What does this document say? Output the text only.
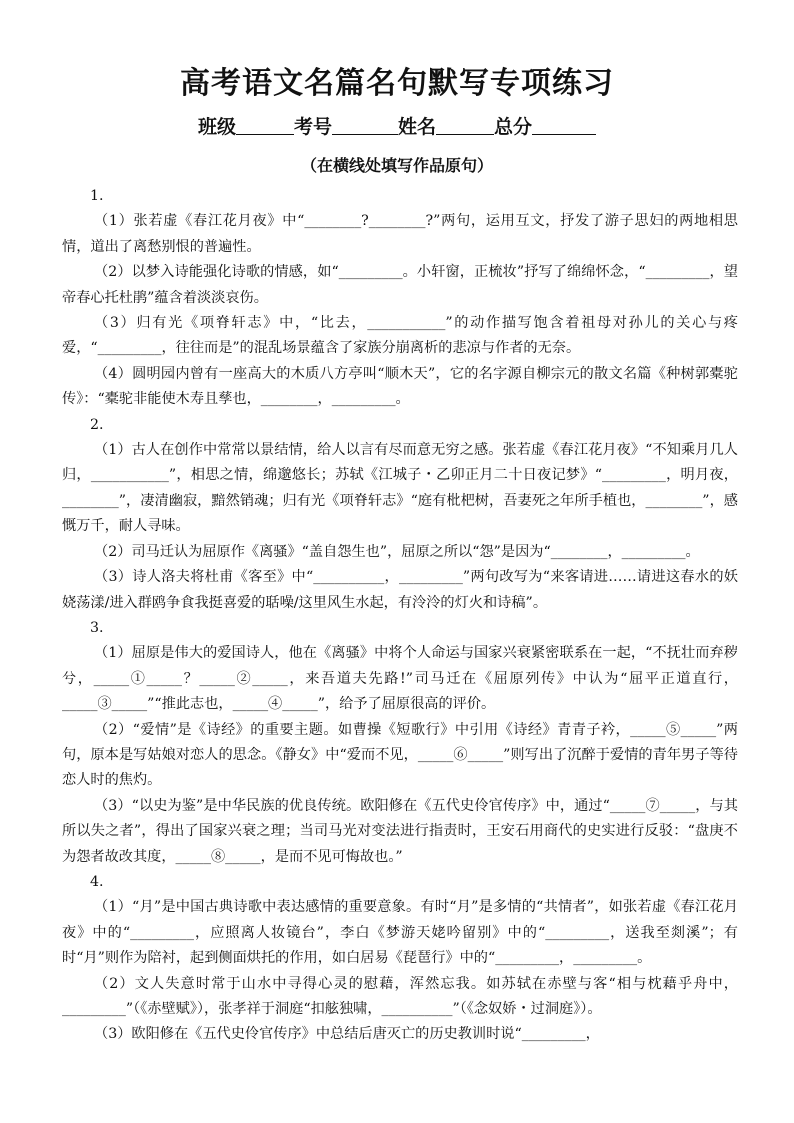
高考语文名篇名句默写专项练习
班级	考号	姓名	总分
（在横线处填写作品原句）
1.

（1）张若虚《春江花月夜》中“________?________?”两句，运用互文，抒发了游子思妇的两地相思情，道出了离愁别恨的普遍性。

（2）以梦入诗能强化诗歌的情感，如“_________。小轩窗，正梳妆”抒写了绵绵怀念，“_________，望帝春心托杜鹃”蕴含着淡淡哀伤。

（3）归有光《项脊轩志》中，“比去，___________”的动作描写饱含着祖母对孙儿的关心与疼爱，“_________，往往而是”的混乱场景蕴含了家族分崩离析的悲凉与作者的无奈。

（4）圆明园内曾有一座高大的木质八方亭叫“顺木天”，它的名字源自柳宗元的散文名篇《种树郭橐驼传》：“橐驼非能使木寿且孳也，________，_________。

2.

（1）古人在创作中常常以景结情，给人以言有尽而意无穷之感。张若虚《春江花月夜》“不知乘月几人归，___________”，相思之情，绵邈悠长；苏轼《江城子・乙卯正月二十日夜记梦》“_________，明月夜，________”，凄清幽寂，黯然销魂；归有光《项脊轩志》“庭有枇杷树，吾妻死之年所手植也，________”，感慨万千，耐人寻味。

（2）司马迁认为屈原作《离骚》“盖自怨生也”，屈原之所以“怨”是因为“________，_________。

（3）诗人洛夫将杜甫《客至》中“__________，_________”两句改写为“来客请进……请进这春水的妖娆荡漾/进入群鸥争食我挺喜爱的聒噪/这里风生水起，有泠泠的灯火和诗稿”。

3.

（1）屈原是伟大的爱国诗人，他在《离骚》中将个人命运与国家兴衰紧密联系在一起，“不抚壮而弃秽兮，_____①_____？_____②_____，来吾道夫先路!”司马迁在《屈原列传》中认为“屈平正道直行，_____③_____”“推此志也，_____④_____”，给予了屈原很高的评价。

（2）“爱情”是《诗经》的重要主题。如曹操《短歌行》中引用《诗经》青青子衿，_____⑤_____”两句，原本是写姑娘对恋人的思念。《静女》中“爱而不见，_____⑥_____”则写出了沉醉于爱情的青年男子等待恋人时的焦灼。

（3）“以史为鉴”是中华民族的优良传统。欧阳修在《五代史伶官传序》中，通过“_____⑦_____，与其所以失之者”，得出了国家兴衰之理；当司马光对变法进行指责时，王安石用商代的史实进行反驳：“盘庚不为怨者故改其度，_____⑧_____，是而不见可悔故也。”

4.

（1）“月”是中国古典诗歌中表达感情的重要意象。有时“月”是多情的“共情者”，如张若虚《春江花月夜》中的“_________，应照离人妆镜台”，李白《梦游天姥吟留别》中的“_________，送我至剡溪”；有时“月”则作为陪衬，起到侧面烘托的作用，如白居易《琵琶行》中的“_________，_________。

（2）文人失意时常于山水中寻得心灵的慰藉，浑然忘我。如苏轼在赤壁与客“相与枕藉乎舟中，_________”（《赤壁赋》），张孝祥于洞庭“扣舷独啸，__________”（《念奴娇・过洞庭》）。

（3）欧阳修在《五代史伶官传序》中总结后唐灭亡的历史教训时说“_________，
